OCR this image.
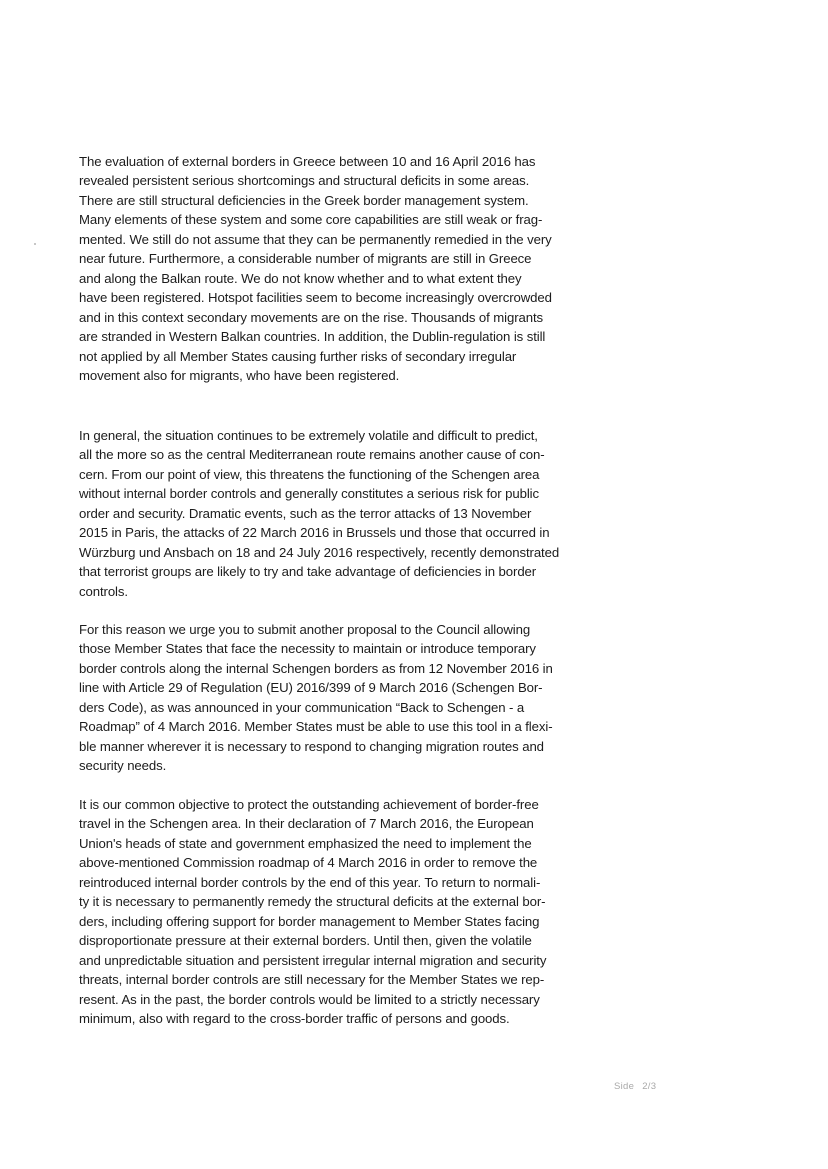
The evaluation of external borders in Greece between 10 and 16 April 2016 has
revealed persistent serious shortcomings and structural deficits in some areas.
There are still structural deficiencies in the Greek border management system.
Many elements of these system and some core capabilities are still weak or frag-
mented. We still do not assume that they can be permanently remedied in the very
near future. Furthermore, a considerable number of migrants are still in Greece
and along the Balkan route. We do not know whether and to what extent they
have been registered. Hotspot facilities seem to become increasingly overcrowded
and in this context secondary movements are on the rise. Thousands of migrants
are stranded in Western Balkan countries. In addition, the Dublin-regulation is still
not applied by all Member States causing further risks of secondary irregular
movement also for migrants, who have been registered.

In general, the situation continues to be extremely volatile and difficult to predict,
all the more so as the central Mediterranean route remains another cause of con-
cern. From our point of view, this threatens the functioning of the Schengen area
without internal border controls and generally constitutes a serious risk for public
order and security. Dramatic events, such as the terror attacks of 13 November
2015 in Paris, the attacks of 22 March 2016 in Brussels und those that occurred in
Würzburg und Ansbach on 18 and 24 July 2016 respectively, recently demonstrated
that terrorist groups are likely to try and take advantage of deficiencies in border
controls.

For this reason we urge you to submit another proposal to the Council allowing
those Member States that face the necessity to maintain or introduce temporary
border controls along the internal Schengen borders as from 12 November 2016 in
line with Article 29 of Regulation (EU) 2016/399 of 9 March 2016 (Schengen Bor-
ders Code), as was announced in your communication “Back to Schengen - a
Roadmap” of 4 March 2016. Member States must be able to use this tool in a flexi-
ble manner wherever it is necessary to respond to changing migration routes and
security needs.

It is our common objective to protect the outstanding achievement of border-free
travel in the Schengen area. In their declaration of 7 March 2016, the European
Union's heads of state and government emphasized the need to implement the
above-mentioned Commission roadmap of 4 March 2016 in order to remove the
reintroduced internal border controls by the end of this year. To return to normali-
ty it is necessary to permanently remedy the structural deficits at the external bor-
ders, including offering support for border management to Member States facing
disproportionate pressure at their external borders. Until then, given the volatile
and unpredictable situation and persistent irregular internal migration and security
threats, internal border controls are still necessary for the Member States we rep-
resent. As in the past, the border controls would be limited to a strictly necessary
minimum, also with regard to the cross-border traffic of persons and goods.

Side 2/3
